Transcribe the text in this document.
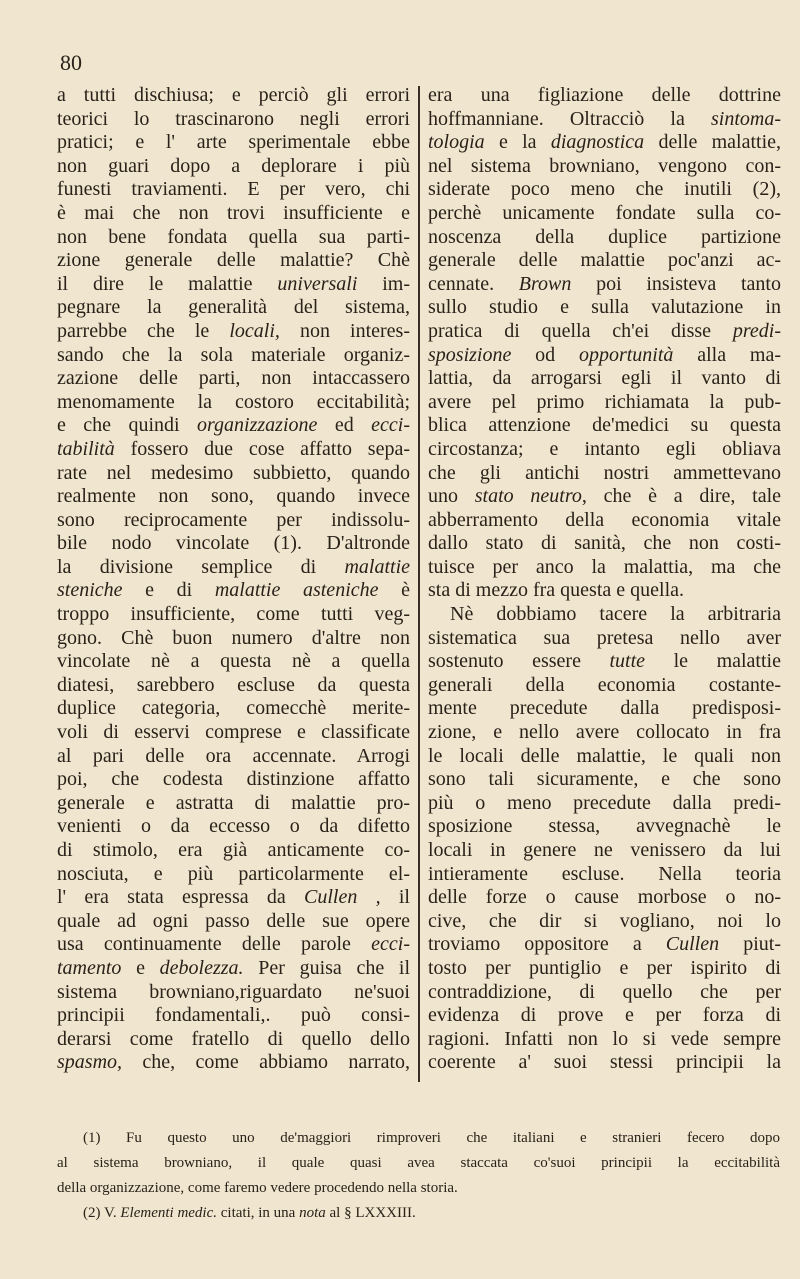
80
a tutti dischiusa; e perciò gli errori
teorici lo trascinarono negli errori
pratici; e l' arte sperimentale ebbe
non guari dopo a deplorare i più
funesti traviamenti. E per vero, chi
è mai che non trovi insufficiente e
non bene fondata quella sua parti-
zione generale delle malattie? Chè
il dire le malattie universali im-
pegnare la generalità del sistema,
parrebbe che le locali, non interes-
sando che la sola materiale organiz-
zazione delle parti, non intaccassero
menomamente la costoro eccitabilità;
e che quindi organizzazione ed ecci-
tabilità fossero due cose affatto sepa-
rate nel medesimo subbietto, quando
realmente non sono, quando invece
sono reciprocamente per indissolu-
bile nodo vincolate (1). D'altronde
la divisione semplice di malattie
steniche e di malattie asteniche è
troppo insufficiente, come tutti veg-
gono. Chè buon numero d'altre non
vincolate nè a questa nè a quella
diatesi, sarebbero escluse da questa
duplice categoria, comecchè merite-
voli di esservi comprese e classificate
al pari delle ora accennate. Arrogi
poi, che codesta distinzione affatto
generale e astratta di malattie pro-
venienti o da eccesso o da difetto
di stimolo, era già anticamente co-
nosciuta, e più particolarmente el-
l' era stata espressa da Cullen , il
quale ad ogni passo delle sue opere
usa continuamente delle parole ecci-
tamento e debolezza. Per guisa che il
sistema browniano,riguardato ne'suoi
principii fondamentali,. può consi-
derarsi come fratello di quello dello
spasmo, che, come abbiamo narrato,
era una figliazione delle dottrine
hoffmanniane. Oltracciò la sintoma-
tologia e la diagnostica delle malattie,
nel sistema browniano, vengono con-
siderate poco meno che inutili (2),
perchè unicamente fondate sulla co-
noscenza della duplice partizione
generale delle malattie poc'anzi ac-
cennate. Brown poi insisteva tanto
sullo studio e sulla valutazione in
pratica di quella ch'ei disse predi-
sposizione od opportunità alla ma-
lattia, da arrogarsi egli il vanto di
avere pel primo richiamata la pub-
blica attenzione de'medici su questa
circostanza; e intanto egli obliava
che gli antichi nostri ammettevano
uno stato neutro, che è a dire, tale
abberramento della economia vitale
dallo stato di sanità, che non costi-
tuisce per anco la malattia, ma che
sta di mezzo fra questa e quella.
Nè dobbiamo tacere la arbitraria
sistematica sua pretesa nello aver
sostenuto essere tutte le malattie
generali della economia costante-
mente precedute dalla predisposi-
zione, e nello avere collocato in fra
le locali delle malattie, le quali non
sono tali sicuramente, e che sono
più o meno precedute dalla predi-
sposizione stessa, avvegnachè le
locali in genere ne venissero da lui
intieramente escluse. Nella teoria
delle forze o cause morbose o no-
cive, che dir si vogliano, noi lo
troviamo oppositore a Cullen piut-
tosto per puntiglio e per ispirito di
contraddizione, di quello che per
evidenza di prove e per forza di
ragioni. Infatti non lo si vede sempre
coerente a' suoi stessi principii la
(1) Fu questo uno de'maggiori rimproveri che italiani e stranieri fecero dopo
al sistema browniano, il quale quasi avea staccata co'suoi principii la eccitabilità
della organizzazione, come faremo vedere procedendo nella storia.
(2) V. Elementi medic. citati, in una nota al § LXXXIII.
